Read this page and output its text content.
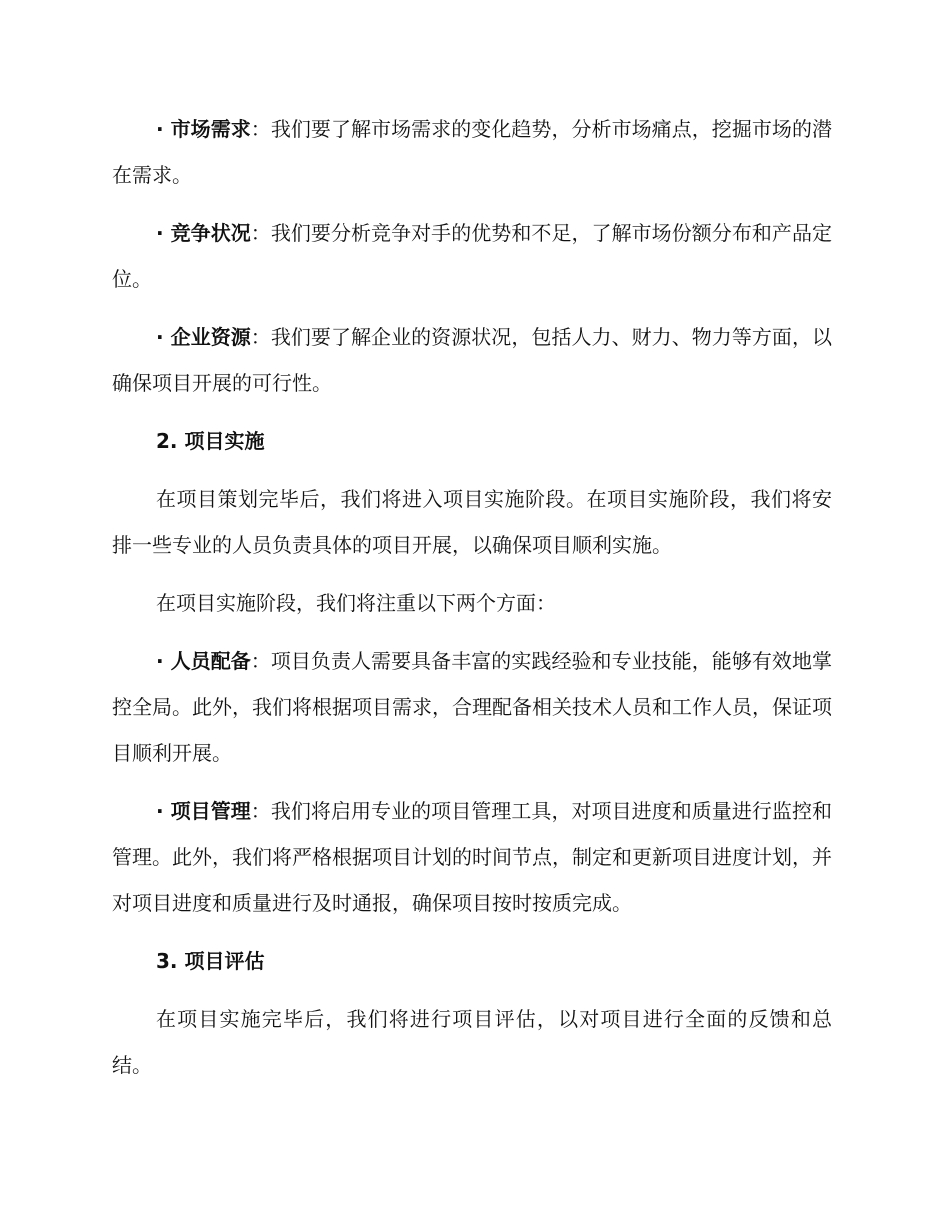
· 市场需求：我们要了解市场需求的变化趋势，分析市场痛点，挖掘市场的潜在需求。

· 竞争状况：我们要分析竞争对手的优势和不足，了解市场份额分布和产品定位。

· 企业资源：我们要了解企业的资源状况，包括人力、财力、物力等方面，以确保项目开展的可行性。

2. 项目实施

在项目策划完毕后，我们将进入项目实施阶段。在项目实施阶段，我们将安排一些专业的人员负责具体的项目开展，以确保项目顺利实施。

在项目实施阶段，我们将注重以下两个方面：

· 人员配备：项目负责人需要具备丰富的实践经验和专业技能，能够有效地掌控全局。此外，我们将根据项目需求，合理配备相关技术人员和工作人员，保证项目顺利开展。

· 项目管理：我们将启用专业的项目管理工具，对项目进度和质量进行监控和管理。此外，我们将严格根据项目计划的时间节点，制定和更新项目进度计划，并对项目进度和质量进行及时通报，确保项目按时按质完成。

3. 项目评估

在项目实施完毕后，我们将进行项目评估，以对项目进行全面的反馈和总结。
